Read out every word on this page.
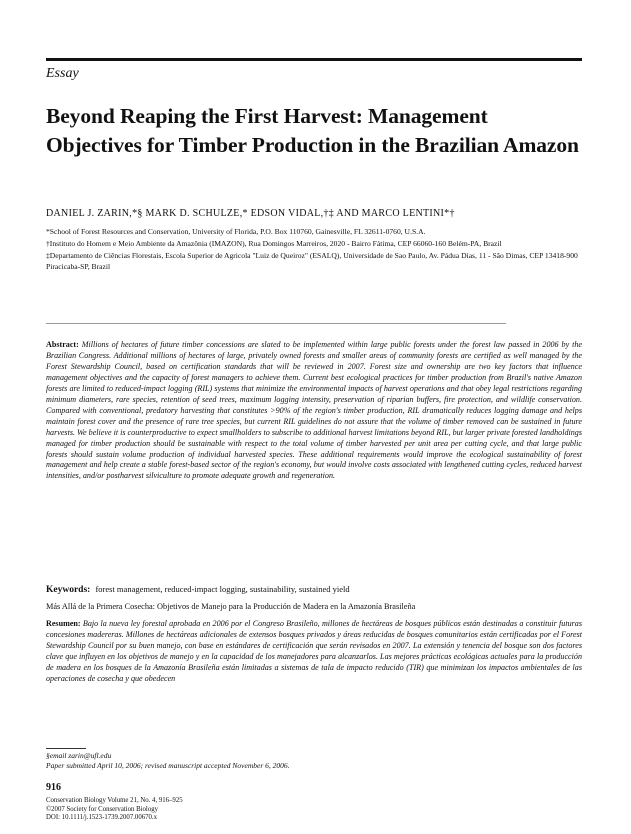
Essay
Beyond Reaping the First Harvest: Management Objectives for Timber Production in the Brazilian Amazon
DANIEL J. ZARIN,*§ MARK D. SCHULZE,* EDSON VIDAL,†‡ AND MARCO LENTINI*†

*School of Forest Resources and Conservation, University of Florida, P.O. Box 110760, Gainesville, FL 32611-0760, U.S.A.

†Instituto do Homem e Meio Ambiente da Amazônia (IMAZON), Rua Domingos Marreiros, 2020 - Bairro Fátima, CEP 66060-160 Belém-PA, Brazil

‡Departamento de Ciências Florestais, Escola Superior de Agricola "Luiz de Queiroz" (ESALQ), Universidade de Sao Paulo, Av. Pádua Dias, 11 - São Dimas, CEP 13418-900 Piracicaba-SP, Brazil

Abstract: Millions of hectares of future timber concessions are slated to be implemented within large public forests under the forest law passed in 2006 by the Brazilian Congress. Additional millions of hectares of large, privately owned forests and smaller areas of community forests are certified as well managed by the Forest Stewardship Council, based on certification standards that will be reviewed in 2007. Forest size and ownership are two key factors that influence management objectives and the capacity of forest managers to achieve them. Current best ecological practices for timber production from Brazil's native Amazon forests are limited to reduced-impact logging (RIL) systems that minimize the environmental impacts of harvest operations and that obey legal restrictions regarding minimum diameters, rare species, retention of seed trees, maximum logging intensity, preservation of riparian buffers, fire protection, and wildlife conservation. Compared with conventional, predatory harvesting that constitutes >90% of the region's timber production, RIL dramatically reduces logging damage and helps maintain forest cover and the presence of rare tree species, but current RIL guidelines do not assure that the volume of timber removed can be sustained in future harvests. We believe it is counterproductive to expect smallholders to subscribe to additional harvest limitations beyond RIL, but larger private forested landholdings managed for timber production should be sustainable with respect to the total volume of timber harvested per unit area per cutting cycle, and that large public forests should sustain volume production of individual harvested species. These additional requirements would improve the ecological sustainability of forest management and help create a stable forest-based sector of the region's economy, but would involve costs associated with lengthened cutting cycles, reduced harvest intensities, and/or postharvest silviculture to promote adequate growth and regeneration.

Keywords: forest management, reduced-impact logging, sustainability, sustained yield
Más Allá de la Primera Cosecha: Objetivos de Manejo para la Producción de Madera en la Amazonía Brasileña

Resumen: Bajo la nueva ley forestal aprobada en 2006 por el Congreso Brasileño, millones de hectáreas de bosques públicos están destinadas a constituir futuras concesiones madereras. Millones de hectáreas adicionales de extensos bosques privados y áreas reducidas de bosques comunitarios están certificadas por el Forest Stewardship Council por su buen manejo, con base en estándares de certificación que serán revisados en 2007. La extensión y tenencia del bosque son dos factores clave que influyen en los objetivos de manejo y en la capacidad de los manejadores para alcanzarlos. Las mejores prácticas ecológicas actuales para la producción de madera en los bosques de la Amazonía Brasileña están limitadas a sistemas de tala de impacto reducido (TIR) que minimizan los impactos ambientales de las operaciones de cosecha y que obedecen

§email zarin@ufl.edu
Paper submitted April 10, 2006; revised manuscript accepted November 6, 2006.
916
Conservation Biology Volume 21, No. 4, 916–925
©2007 Society for Conservation Biology
DOI: 10.1111/j.1523-1739.2007.00670.x
